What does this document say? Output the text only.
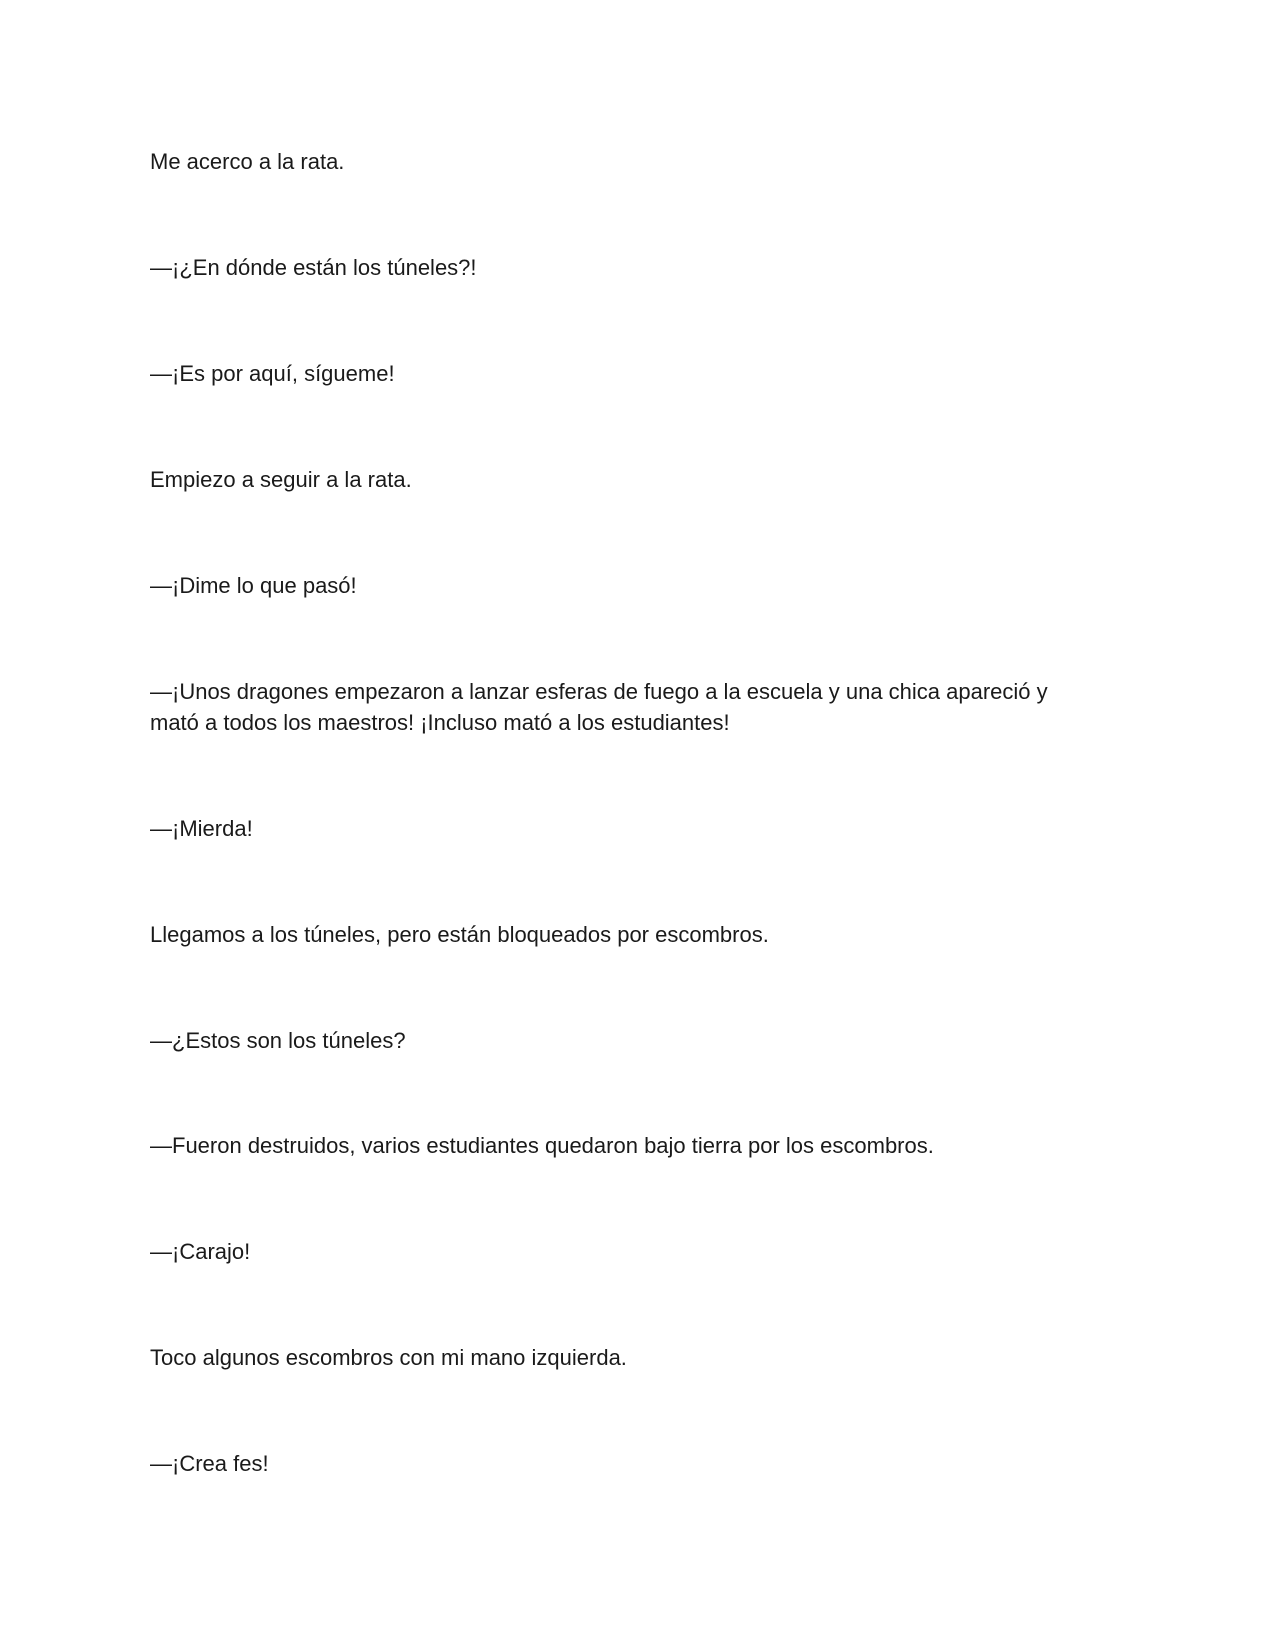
Me acerco a la rata.

—¡¿En dónde están los túneles?!

—¡Es por aquí, sígueme!

Empiezo a seguir a la rata.

—¡Dime lo que pasó!

—¡Unos dragones empezaron a lanzar esferas de fuego a la escuela y una chica apareció y mató a todos los maestros! ¡Incluso mató a los estudiantes!

—¡Mierda!

Llegamos a los túneles, pero están bloqueados por escombros.

—¿Estos son los túneles?

—Fueron destruidos, varios estudiantes quedaron bajo tierra por los escombros.

—¡Carajo!

Toco algunos escombros con mi mano izquierda.

—¡Crea fes!
